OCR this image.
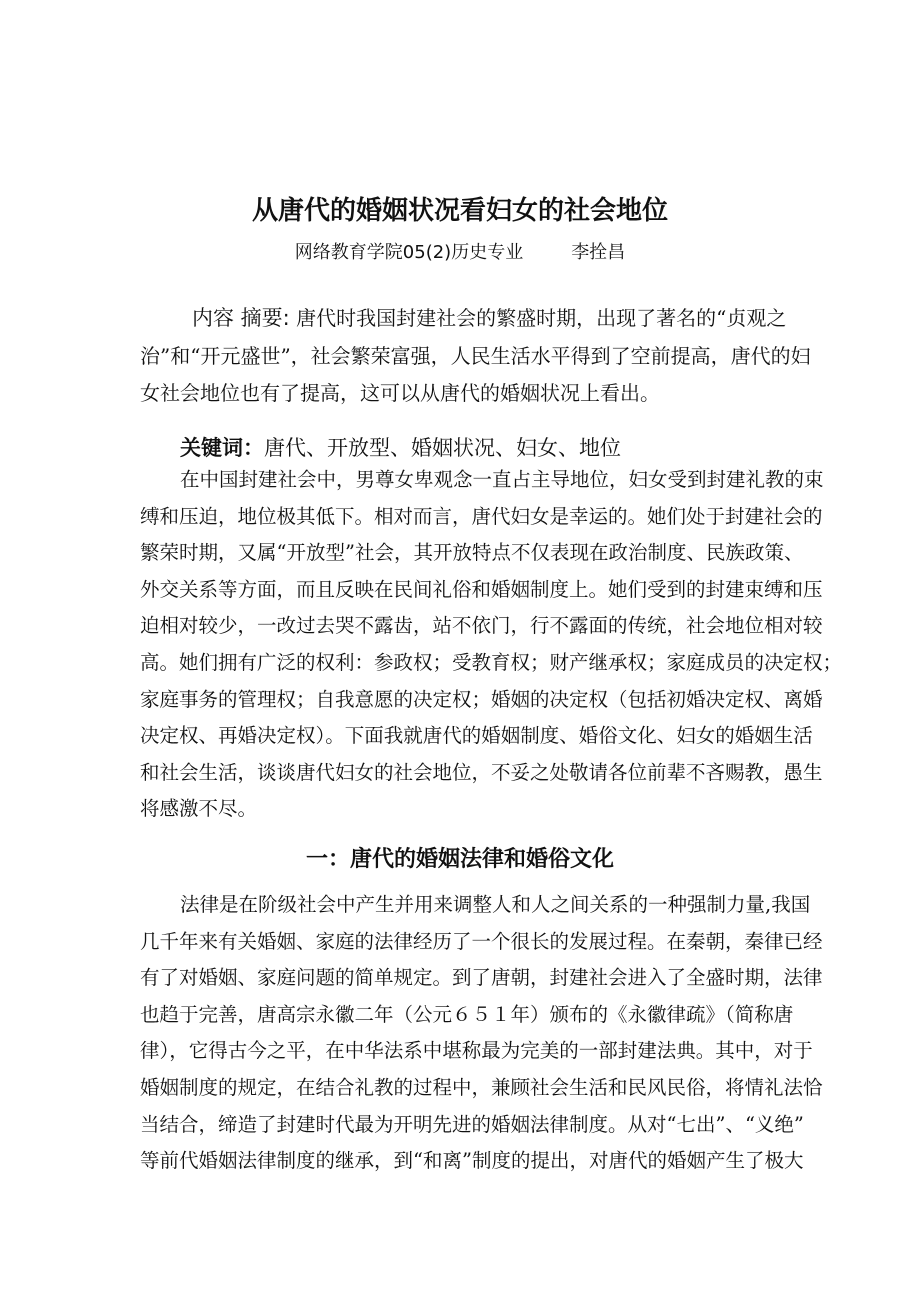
从唐代的婚姻状况看妇女的社会地位
网络教育学院05(2)历史专业	李拴昌
内容 摘要: 唐代时我国封建社会的繁盛时期，出现了著名的“贞观之
治”和“开元盛世”，社会繁荣富强，人民生活水平得到了空前提高，唐代的妇
女社会地位也有了提高，这可以从唐代的婚姻状况上看出。
关键词：唐代、开放型、婚姻状况、妇女、地位
在中国封建社会中，男尊女卑观念一直占主导地位，妇女受到封建礼教的束
缚和压迫，地位极其低下。相对而言，唐代妇女是幸运的。她们处于封建社会的
繁荣时期，又属“开放型”社会，其开放特点不仅表现在政治制度、民族政策、
外交关系等方面，而且反映在民间礼俗和婚姻制度上。她们受到的封建束缚和压
迫相对较少，一改过去哭不露齿，站不依门，行不露面的传统，社会地位相对较
高。她们拥有广泛的权利：参政权；受教育权；财产继承权；家庭成员的决定权；
家庭事务的管理权；自我意愿的决定权；婚姻的决定权（包括初婚决定权、离婚
决定权、再婚决定权）。下面我就唐代的婚姻制度、婚俗文化、妇女的婚姻生活
和社会生活，谈谈唐代妇女的社会地位，不妥之处敬请各位前辈不吝赐教，愚生
将感激不尽。
一：唐代的婚姻法律和婚俗文化
法律是在阶级社会中产生并用来调整人和人之间关系的一种强制力量,我国
几千年来有关婚姻、家庭的法律经历了一个很长的发展过程。在秦朝，秦律已经
有了对婚姻、家庭问题的简单规定。到了唐朝，封建社会进入了全盛时期，法律
也趋于完善，唐高宗永徽二年（公元６５１年）颁布的《永徽律疏》（简称唐
律），它得古今之平，在中华法系中堪称最为完美的一部封建法典。其中，对于
婚姻制度的规定，在结合礼教的过程中，兼顾社会生活和民风民俗，将情礼法恰
当结合，缔造了封建时代最为开明先进的婚姻法律制度。从对“七出”、“义绝”
等前代婚姻法律制度的继承，到“和离”制度的提出，对唐代的婚姻产生了极大
